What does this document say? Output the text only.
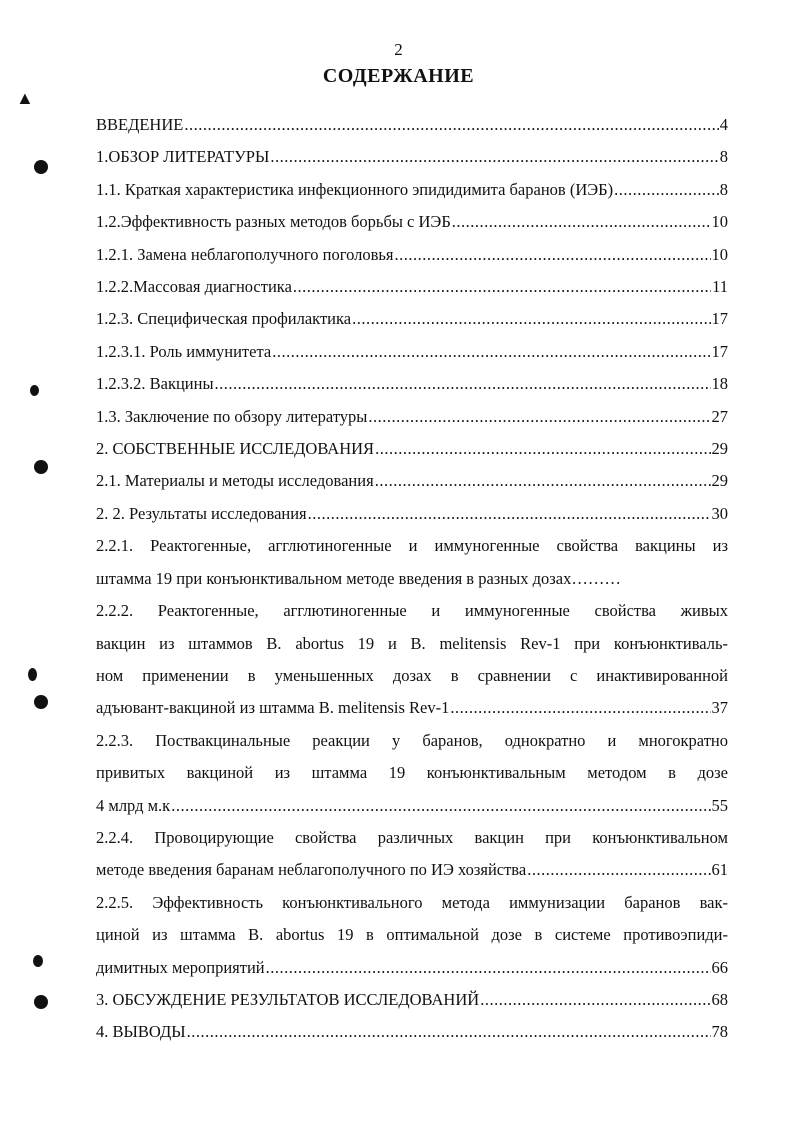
2
СОДЕРЖАНИЕ
▲
ВВЕДЕНИЕ .....	4
1.ОБЗОР ЛИТЕРАТУРЫ .....	8
1.1. Краткая характеристика инфекционного эпидидимита баранов (ИЭБ) .....	8
1.2.Эффективность разных методов борьбы с ИЭБ .....	10
1.2.1. Замена неблагополучного поголовья .....	10
1.2.2.Массовая диагностика .....	11
1.2.3. Специфическая профилактика .....	17
1.2.3.1. Роль иммунитета .....	17
1.2.3.2. Вакцины .....	18
1.3. Заключение по обзору литературы .....	27
2. СОБСТВЕННЫЕ ИССЛЕДОВАНИЯ .....	29
2.1. Материалы и методы исследования .....	29
2. 2. Результаты исследования .....	30
2.2.1. Реактогенные, агглютиногенные и иммуногенные свойства вакцины из
штамма 19 при конъюнктивальном методе введения в разных дозах………
2.2.2. Реактогенные, агглютиногенные и иммуногенные свойства живых
вакцин из штаммов B. abortus 19 и B. melitensis Rev-1 при конъюнктиваль-
ном применении в уменьшенных дозах в сравнении с инактивированной
адъювант-вакциной из штамма B. melitensis Rev-1 .....	37
2.2.3. Поствакцинальные реакции у баранов, однократно и многократно
привитых вакциной из штамма 19 конъюнктивальным методом в дозе
4 млрд м.к .....	55
2.2.4. Провоцирующие свойства различных вакцин при конъюнктивальном
методе введения баранам неблагополучного по ИЭ хозяйства .....	61
2.2.5. Эффективность конъюнктивального метода иммунизации баранов вак-
циной из штамма B. abortus 19 в оптимальной дозе в системе противоэпиди-
димитных мероприятий .....	66
3. ОБСУЖДЕНИЕ РЕЗУЛЬТАТОВ ИССЛЕДОВАНИЙ .....	68
4. ВЫВОДЫ .....	78
